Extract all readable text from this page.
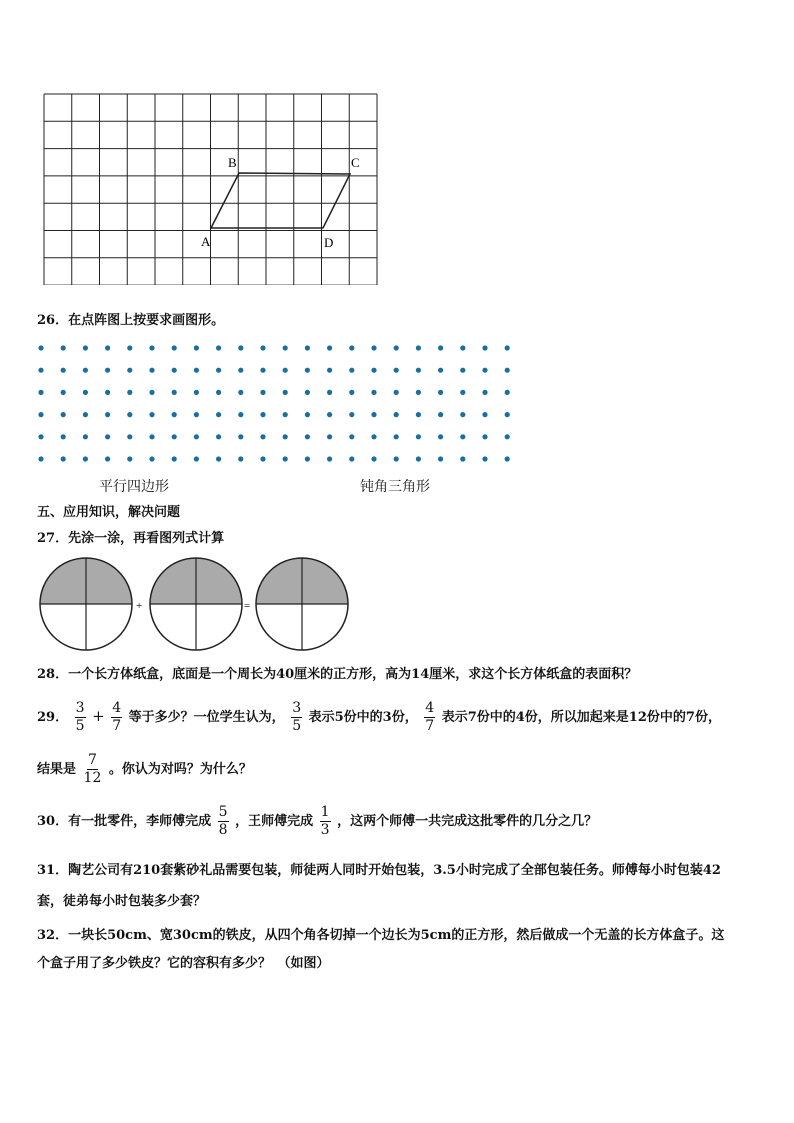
A
B	C
D
26．在点阵图上按要求画图形。
平行四边形	钝角三角形
五、应用知识，解决问题
27．先涂一涂，再看图列式计算
+	=
28．一个长方体纸盒，底面是一个周长为40厘米的正方形，高为14厘米，求这个长方体纸盒的表面积？
29． $\frac{3}{5} + \frac{4}{7}$ 等于多少？一位学生认为， $\frac{3}{5}$ 表示5份中的3份， $\frac{4}{7}$ 表示7份中的4份，所以加起来是12份中的7份，
结果是 $\frac{7}{12}$ 。你认为对吗？为什么？
30．有一批零件，李师傅完成 $\frac{5}{8}$ ，王师傅完成 $\frac{1}{3}$ ，这两个师傅一共完成这批零件的几分之几？
31．陶艺公司有210套紫砂礼品需要包装，师徒两人同时开始包装，3.5小时完成了全部包装任务。师傅每小时包装42
套，徒弟每小时包装多少套？
32．一块长50cm、宽30cm的铁皮，从四个角各切掉一个边长为5cm的正方形，然后做成一个无盖的长方体盒子。这
个盒子用了多少铁皮？它的容积有多少？　（如图）
